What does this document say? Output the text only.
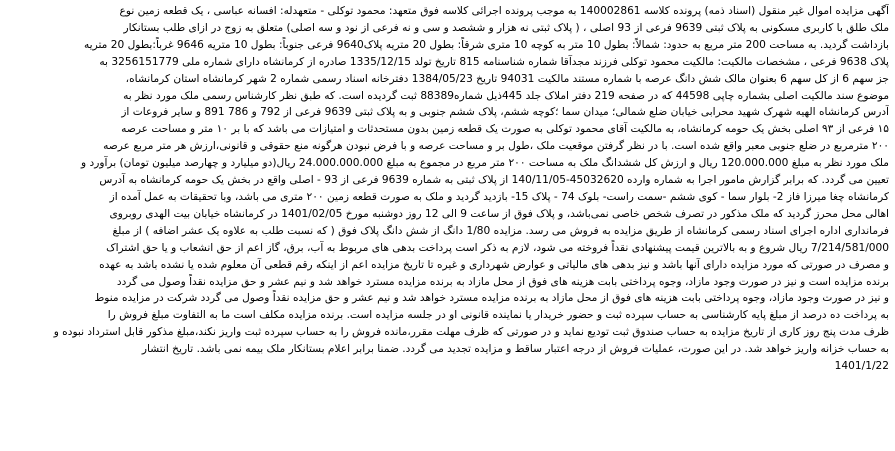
آگهی مزایده اموال غیر منقول (اسناد ذمه) پرونده کلاسه 140002861 به موجب پرونده اجرائی کلاسه فوق متعهد: محمود توکلی - متعهدله: افسانه عباسی ، یک قطعه زمین نوع
ملک طلق با کاربری مسکونی به پلاک ثبتی 9639 فرعی از 93 اصلی ، ( پلاک ثبتی نه هزار و ششصد و سی و نه فرعی از نود و سه اصلی) متعلق به زوج در ازای طلب بستانکار
بازداشت گردید. به مساحت 200 متر مربع به حدود: شمالاً: بطول 10 متر به کوچه 10 متری شرقاً: بطول 20 متریه پلاک9640 فرعی جنوباً: بطول 10 متریه 9646 غرباً:بطول 20 متریه
پلاک 9638 فرعی ، مشخصات مالکیت: مالکیت محمود توکلی فرزند مجدآقا شماره شناسنامه 815 تاریخ تولد 1335/12/15 صادره از کرمانشاه دارای شماره ملی 3256151779 به
جز سهم 6 از کل سهم 6 بعنوان مالک شش دانگ عرصه با شماره مستند مالکیت 94031 تاریخ 1384/05/23 دفترخانه اسناد رسمی شماره 2 شهر کرمانشاه استان کرمانشاه،
موضوع سند مالکیت اصلی بشماره چاپی 44598 که در صفحه 219 دفتر املاک جلد 445ذیل شماره88389 ثبت گردیده است. که طبق نظر کارشناس رسمی ملک مورد نظر به
آدرس کرمانشاه الهیه شهرک شهید محرابی خیابان ضلع شمالی؛ میدان سما ؛کوچه ششم، پلاک ششم جنوبی و به پلاک ثبتی 9639 فرعی از 792 و 786 891 و سایر فروعات از
۱۵ فرعی از ۹۳ اصلی بخش یک حومه کرمانشاه، به مالکیت آقای محمود توکلی به صورت یک قطعه زمین بدون مستحدثات و امتیازات می باشد که با بر ۱۰ متر و مساحت عرصه
۲۰۰ مترمربع در ضلع جنوبی معبر واقع شده است. با در نظر گرفتن موقعیت ملک ،طول بر و مساحت عرصه و با فرض نبودن هرگونه منع حقوقی و قانونی،ارزش هر متر مربع عرصه
ملک مورد نظر به مبلغ 120.000.000 ریال و ارزش کل ششدانگ ملک به مساحت ۲۰۰ متر مربع در مجموع به مبلغ 24.000.000.000 ریال(دو میلیارد و چهارصد میلیون تومان) برآورد و
تعیین می گردد. که برابر گزارش مامور اجرا به شماره وارده 45032620-140/11/05 از پلاک ثبتی به شماره 9639 فرعی از 93 - اصلی واقع در بخش یک حومه کرمانشاه به آدرس
کرمانشاه چغا میرزا فاز 2- بلوار سما - کوی ششم -سمت راست- بلوک 74 - پلاک 15- بازدید گردید و ملک به صورت قطعه زمین ۲۰۰ متری می باشد، وبا تحقیقات به عمل آمده از
اهالی محل محرز گردید که ملک مذکور در تصرف شخص خاصی نمی‌باشد، و پلاک فوق از ساعت 9 الی 12 روز دوشنبه مورخ 1401/02/05 در کرمانشاه خیابان بیت الهدی روبروی
فرمانداری اداره اجرای اسناد رسمی کرمانشاه از طریق مزایده به فروش می رسد. مزایده 1/80 دانگ از شش دانگ پلاک فوق ( که نسبت طلب به علاوه یک عشر اضافه ) از مبلغ
7/214/581/000 ریال شروع و به بالاترین قیمت پیشنهادی نقداً فروخته می شود، لازم به ذکر است پرداخت بدهی های مربوط به آب، برق، گاز اعم از حق انشعاب و یا حق اشتراک
و مصرف در صورتی که مورد مزایده دارای آنها باشد و نیز بدهی های مالیاتی و عوارض شهرداری و غیره تا تاریخ مزایده اعم از اینکه رقم قطعی آن معلوم شده یا نشده باشد به عهده
برنده مزایده است و نیز در صورت وجود مازاد، وجوه پرداختی بابت هزینه های فوق از محل مازاد به برنده مزایده مسترد خواهد شد و نیم عشر و حق مزایده نقداً وصول می گردد
و نیز در صورت وجود مازاد، وجوه پرداختی بابت هزینه های فوق از محل مازاد به برنده مزایده مسترد خواهد شد و نیم عشر و حق مزایده نقداً وصول می گردد شرکت در مزایده منوط
به پرداخت ده درصد از مبلغ پایه کارشناسی به حساب سپرده ثبت و حضور خریدار یا نماینده قانونی او در جلسه مزایده است. برنده مزایده مکلف است ما به التفاوت مبلغ فروش را
ظرف مدت پنج روز کاری از تاریخ مزایده به حساب صندوق ثبت تودیع نماید و در صورتی که ظرف مهلت مقرر،مانده فروش را به حساب سپرده ثبت واریز نکند،مبلغ مذکور قابل استرداد نبوده و
به حساب خزانه واریز خواهد شد. در این صورت، عملیات فروش از درجه اعتبار ساقط و مزایده تجدید می گردد. ضمنا برابر اعلام بستانکار ملک بیمه نمی باشد. تاریخ انتشار
1401/1/22
